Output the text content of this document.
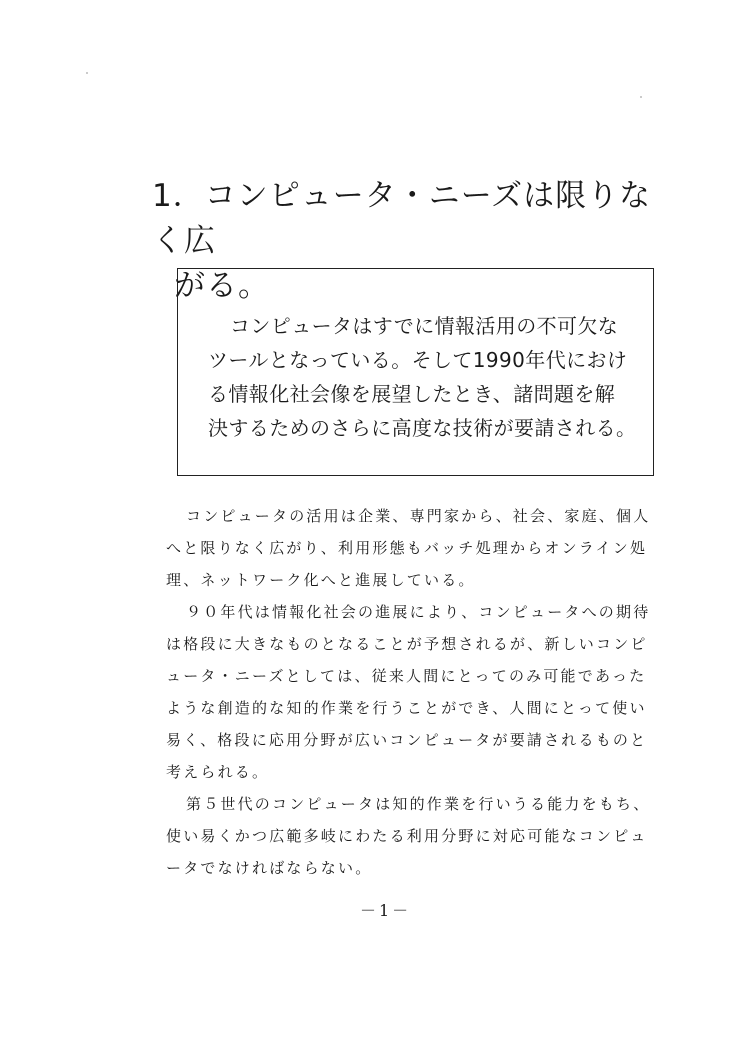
1．コンピュータ・ニーズは限りなく広
がる。

コンピュータはすでに情報活用の不可欠な
ツールとなっている。そして1990年代におけ
る情報化社会像を展望したとき、諸問題を解
決するためのさらに高度な技術が要請される。

コンピュータの活用は企業、専門家から、社会、家庭、個人
へと限りなく広がり、利用形態もバッチ処理からオンライン処
理、ネットワーク化へと進展している。
９０年代は情報化社会の進展により、コンピュータへの期待
は格段に大きなものとなることが予想されるが、新しいコンピ
ュータ・ニーズとしては、従来人間にとってのみ可能であった
ような創造的な知的作業を行うことができ、人間にとって使い
易く、格段に応用分野が広いコンピュータが要請されるものと
考えられる。
第５世代のコンピュータは知的作業を行いうる能力をもち、
使い易くかつ広範多岐にわたる利用分野に対応可能なコンピュ
ータでなければならない。
－1－
